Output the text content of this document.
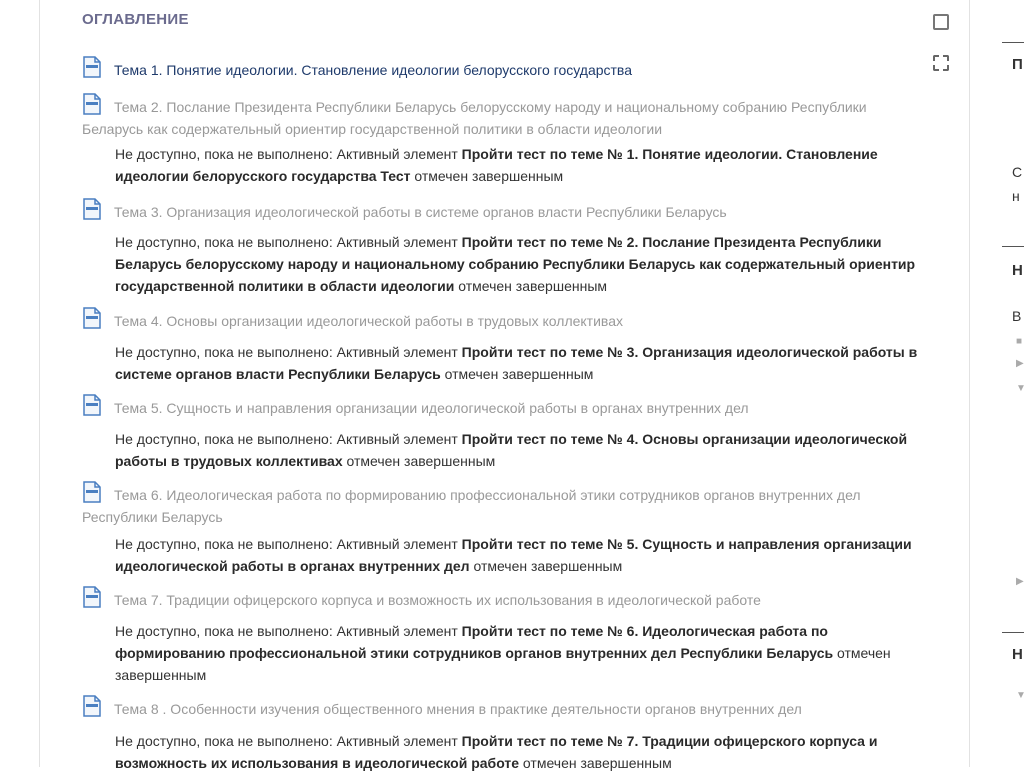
ОГЛАВЛЕНИЕ
Тема 1. Понятие идеологии. Становление идеологии белорусского государства
Тема 2. Послание Президента Республики Беларусь белорусскому народу и национальному собранию Республики Беларусь как содержательный ориентир государственной политики в области идеологии
Не доступно, пока не выполнено: Активный элемент Пройти тест по теме № 1. Понятие идеологии. Становление идеологии белорусского государства Тест отмечен завершенным
Тема 3. Организация идеологической работы в системе органов власти Республики Беларусь
Не доступно, пока не выполнено: Активный элемент Пройти тест по теме № 2. Послание Президента Республики Беларусь белорусскому народу и национальному собранию Республики Беларусь как содержательный ориентир государственной политики в области идеологии отмечен завершенным
Тема 4. Основы организации идеологической работы в трудовых коллективах
Не доступно, пока не выполнено: Активный элемент Пройти тест по теме № 3. Организация идеологической работы в системе органов власти Республики Беларусь отмечен завершенным
Тема 5. Сущность и направления организации идеологической работы в органах внутренних дел
Не доступно, пока не выполнено: Активный элемент Пройти тест по теме № 4. Основы организации идеологической работы в трудовых коллективах отмечен завершенным
Тема 6. Идеологическая работа по формированию профессиональной этики сотрудников органов внутренних дел Республики Беларусь
Не доступно, пока не выполнено: Активный элемент Пройти тест по теме № 5. Сущность и направления организации идеологической работы в органах внутренних дел отмечен завершенным
Тема 7. Традиции офицерского корпуса и возможность их использования в идеологической работе
Не доступно, пока не выполнено: Активный элемент Пройти тест по теме № 6. Идеологическая работа по формированию профессиональной этики сотрудников органов внутренних дел Республики Беларусь отмечен завершенным
Тема 8 . Особенности изучения общественного мнения в практике деятельности органов внутренних дел
Не доступно, пока не выполнено: Активный элемент Пройти тест по теме № 7. Традиции офицерского корпуса и возможность их использования в идеологической работе отмечен завершенным
П
С
н
Н
В
■
▶
▼
▶
Н
▼
